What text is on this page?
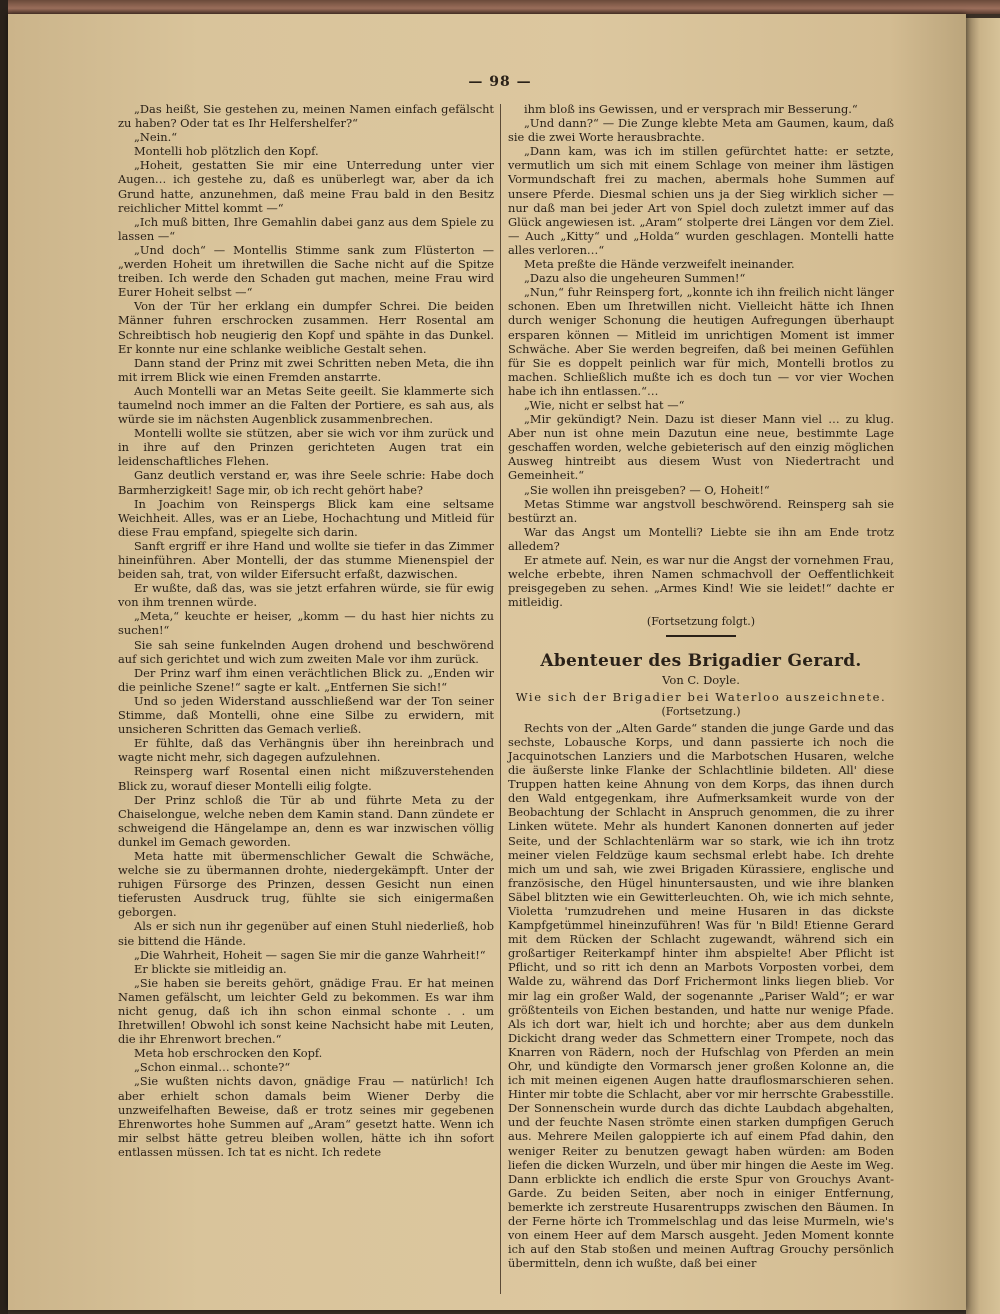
— 98 —

„Das heißt, Sie gestehen zu, meinen Namen einfach gefälscht zu haben? Oder tat es Ihr Helfershelfer?“

„Nein.“

Montelli hob plötzlich den Kopf.

„Hoheit, gestatten Sie mir eine Unterredung unter vier Augen… ich gestehe zu, daß es unüberlegt war, aber da ich Grund hatte, anzunehmen, daß meine Frau bald in den Besitz reichlicher Mittel kommt —“

„Ich muß bitten, Ihre Gemahlin dabei ganz aus dem Spiele zu lassen —“

„Und doch“ — Montellis Stimme sank zum Flüsterton — „werden Hoheit um ihretwillen die Sache nicht auf die Spitze treiben. Ich werde den Schaden gut machen, meine Frau wird Eurer Hoheit selbst —“

Von der Tür her erklang ein dumpfer Schrei. Die beiden Männer fuhren erschrocken zusammen. Herr Rosental am Schreibtisch hob neugierig den Kopf und spähte in das Dunkel. Er konnte nur eine schlanke weibliche Gestalt sehen.

Dann stand der Prinz mit zwei Schritten neben Meta, die ihn mit irrem Blick wie einen Fremden anstarrte.

Auch Montelli war an Metas Seite geeilt. Sie klammerte sich taumelnd noch immer an die Falten der Portiere, es sah aus, als würde sie im nächsten Augenblick zusammenbrechen.

Montelli wollte sie stützen, aber sie wich vor ihm zurück und in ihre auf den Prinzen gerichteten Augen trat ein leidenschaftliches Flehen.

Ganz deutlich verstand er, was ihre Seele schrie: Habe doch Barmherzigkeit! Sage mir, ob ich recht gehört habe?

In Joachim von Reinspergs Blick kam eine seltsame Weichheit. Alles, was er an Liebe, Hochachtung und Mitleid für diese Frau empfand, spiegelte sich darin.

Sanft ergriff er ihre Hand und wollte sie tiefer in das Zimmer hineinführen. Aber Montelli, der das stumme Mienenspiel der beiden sah, trat, von wilder Eifersucht erfaßt, dazwischen.

Er wußte, daß das, was sie jetzt erfahren würde, sie für ewig von ihm trennen würde.

„Meta,“ keuchte er heiser, „komm — du hast hier nichts zu suchen!“

Sie sah seine funkelnden Augen drohend und beschwörend auf sich gerichtet und wich zum zweiten Male vor ihm zurück.

Der Prinz warf ihm einen verächtlichen Blick zu. „Enden wir die peinliche Szene!“ sagte er kalt. „Entfernen Sie sich!“

Und so jeden Widerstand ausschließend war der Ton seiner Stimme, daß Montelli, ohne eine Silbe zu erwidern, mit unsicheren Schritten das Gemach verließ.

Er fühlte, daß das Verhängnis über ihn hereinbrach und wagte nicht mehr, sich dagegen aufzulehnen.

Reinsperg warf Rosental einen nicht mißzuverstehenden Blick zu, worauf dieser Montelli eilig folgte.

Der Prinz schloß die Tür ab und führte Meta zu der Chaiselongue, welche neben dem Kamin stand. Dann zündete er schweigend die Hängelampe an, denn es war inzwischen völlig dunkel im Gemach geworden.

Meta hatte mit übermenschlicher Gewalt die Schwäche, welche sie zu übermannen drohte, niedergekämpft. Unter der ruhigen Fürsorge des Prinzen, dessen Gesicht nun einen tieferusten Ausdruck trug, fühlte sie sich einigermaßen geborgen.

Als er sich nun ihr gegenüber auf einen Stuhl niederließ, hob sie bittend die Hände.

„Die Wahrheit, Hoheit — sagen Sie mir die ganze Wahrheit!“

Er blickte sie mitleidig an.

„Sie haben sie bereits gehört, gnädige Frau. Er hat meinen Namen gefälscht, um leichter Geld zu bekommen. Es war ihm nicht genug, daß ich ihn schon einmal schonte . . um Ihretwillen! Obwohl ich sonst keine Nachsicht habe mit Leuten, die ihr Ehrenwort brechen.“

Meta hob erschrocken den Kopf.

„Schon einmal… schonte?“

„Sie wußten nichts davon, gnädige Frau — natürlich! Ich aber erhielt schon damals beim Wiener Derby die unzweifelhaften Beweise, daß er trotz seines mir gegebenen Ehrenwortes hohe Summen auf „Aram“ gesetzt hatte. Wenn ich mir selbst hätte getreu bleiben wollen, hätte ich ihn sofort entlassen müssen. Ich tat es nicht. Ich redete

ihm bloß ins Gewissen, und er versprach mir Besserung.“

„Und dann?“ — Die Zunge klebte Meta am Gaumen, kaum, daß sie die zwei Worte herausbrachte.

„Dann kam, was ich im stillen gefürchtet hatte: er setzte, vermutlich um sich mit einem Schlage von meiner ihm lästigen Vormundschaft frei zu machen, abermals hohe Summen auf unsere Pferde. Diesmal schien uns ja der Sieg wirklich sicher — nur daß man bei jeder Art von Spiel doch zuletzt immer auf das Glück angewiesen ist. „Aram“ stolperte drei Längen vor dem Ziel. — Auch „Kitty“ und „Holda“ wurden geschlagen. Montelli hatte alles verloren…“

Meta preßte die Hände verzweifelt ineinander.

„Dazu also die ungeheuren Summen!“

„Nun,“ fuhr Reinsperg fort, „konnte ich ihn freilich nicht länger schonen. Eben um Ihretwillen nicht. Vielleicht hätte ich Ihnen durch weniger Schonung die heutigen Aufregungen überhaupt ersparen können — Mitleid im unrichtigen Moment ist immer Schwäche. Aber Sie werden begreifen, daß bei meinen Gefühlen für Sie es doppelt peinlich war für mich, Montelli brotlos zu machen. Schließlich mußte ich es doch tun — vor vier Wochen habe ich ihn entlassen.“…

„Wie, nicht er selbst hat —“

„Mir gekündigt? Nein. Dazu ist dieser Mann viel … zu klug. Aber nun ist ohne mein Dazutun eine neue, bestimmte Lage geschaffen worden, welche gebieterisch auf den einzig möglichen Ausweg hintreibt aus diesem Wust von Niedertracht und Gemeinheit.“

„Sie wollen ihn preisgeben? — O, Hoheit!“

Metas Stimme war angstvoll beschwörend. Reinsperg sah sie bestürzt an.

War das Angst um Montelli? Liebte sie ihn am Ende trotz alledem?

Er atmete auf. Nein, es war nur die Angst der vornehmen Frau, welche erbebte, ihren Namen schmachvoll der Oeffentlichkeit preisgegeben zu sehen. „Armes Kind! Wie sie leidet!“ dachte er mitleidig.

(Fortsetzung folgt.)

Abenteuer des Brigadier Gerard.
Von C. Doyle.
Wie sich der Brigadier bei Waterloo auszeichnete.
(Fortsetzung.)

Rechts von der „Alten Garde“ standen die junge Garde und das sechste, Lobausche Korps, und dann passierte ich noch die Jacquinotschen Lanziers und die Marbotschen Husaren, welche die äußerste linke Flanke der Schlachtlinie bildeten. All' diese Truppen hatten keine Ahnung von dem Korps, das ihnen durch den Wald entgegenkam, ihre Aufmerksamkeit wurde von der Beobachtung der Schlacht in Anspruch genommen, die zu ihrer Linken wütete. Mehr als hundert Kanonen donnerten auf jeder Seite, und der Schlachtenlärm war so stark, wie ich ihn trotz meiner vielen Feldzüge kaum sechsmal erlebt habe. Ich drehte mich um und sah, wie zwei Brigaden Kürassiere, englische und französische, den Hügel hinuntersausten, und wie ihre blanken Säbel blitzten wie ein Gewitterleuchten. Oh, wie ich mich sehnte, Violetta 'rumzudrehen und meine Husaren in das dickste Kampfgetümmel hineinzuführen! Was für 'n Bild! Etienne Gerard mit dem Rücken der Schlacht zugewandt, während sich ein großartiger Reiterkampf hinter ihm abspielte! Aber Pflicht ist Pflicht, und so ritt ich denn an Marbots Vorposten vorbei, dem Walde zu, während das Dorf Frichermont links liegen blieb. Vor mir lag ein großer Wald, der sogenannte „Pariser Wald“; er war größtenteils von Eichen bestanden, und hatte nur wenige Pfade. Als ich dort war, hielt ich und horchte; aber aus dem dunkeln Dickicht drang weder das Schmettern einer Trompete, noch das Knarren von Rädern, noch der Hufschlag von Pferden an mein Ohr, und kündigte den Vormarsch jener großen Kolonne an, die ich mit meinen eigenen Augen hatte drauflosmarschieren sehen. Hinter mir tobte die Schlacht, aber vor mir herrschte Grabesstille. Der Sonnenschein wurde durch das dichte Laubdach abgehalten, und der feuchte Nasen strömte einen starken dumpfigen Geruch aus. Mehrere Meilen galoppierte ich auf einem Pfad dahin, den weniger Reiter zu benutzen gewagt haben würden: am Boden liefen die dicken Wurzeln, und über mir hingen die Aeste im Weg. Dann erblickte ich endlich die erste Spur von Grouchys Avant-Garde. Zu beiden Seiten, aber noch in einiger Entfernung, bemerkte ich zerstreute Husarentrupps zwischen den Bäumen. In der Ferne hörte ich Trommelschlag und das leise Murmeln, wie's von einem Heer auf dem Marsch ausgeht. Jeden Moment konnte ich auf den Stab stoßen und meinen Auftrag Grouchy persönlich übermitteln, denn ich wußte, daß bei einer
